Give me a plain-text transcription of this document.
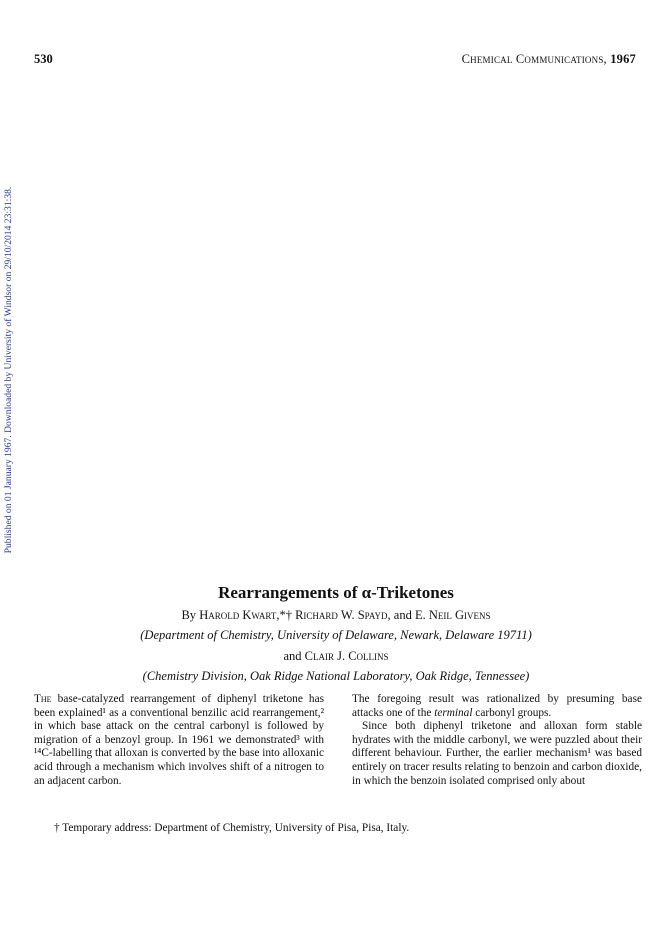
530	Chemical Communications, 1967
Published on 01 January 1967. Downloaded by University of Windsor on 29/10/2014 23:31:38.
Rearrangements of α-Triketones
By Harold Kwart,*† Richard W. Spayd, and E. Neil Givens
(Department of Chemistry, University of Delaware, Newark, Delaware 19711)
and Clair J. Collins
(Chemistry Division, Oak Ridge National Laboratory, Oak Ridge, Tennessee)

The base-catalyzed rearrangement of diphenyl triketone has been explained¹ as a conventional benzilic acid rearrangement,² in which base attack on the central carbonyl is followed by migration of a benzoyl group. In 1961 we demonstrated³ with ¹⁴C-labelling that alloxan is converted by the base into alloxanic acid through a mechanism which involves shift of a nitrogen to an adjacent carbon.

The foregoing result was rationalized by presuming base attacks one of the terminal carbonyl groups.

Since both diphenyl triketone and alloxan form stable hydrates with the middle carbonyl, we were puzzled about their different behaviour. Further, the earlier mechanism¹ was based entirely on tracer results relating to benzoin and carbon dioxide, in which the benzoin isolated comprised only about

† Temporary address: Department of Chemistry, University of Pisa, Pisa, Italy.
